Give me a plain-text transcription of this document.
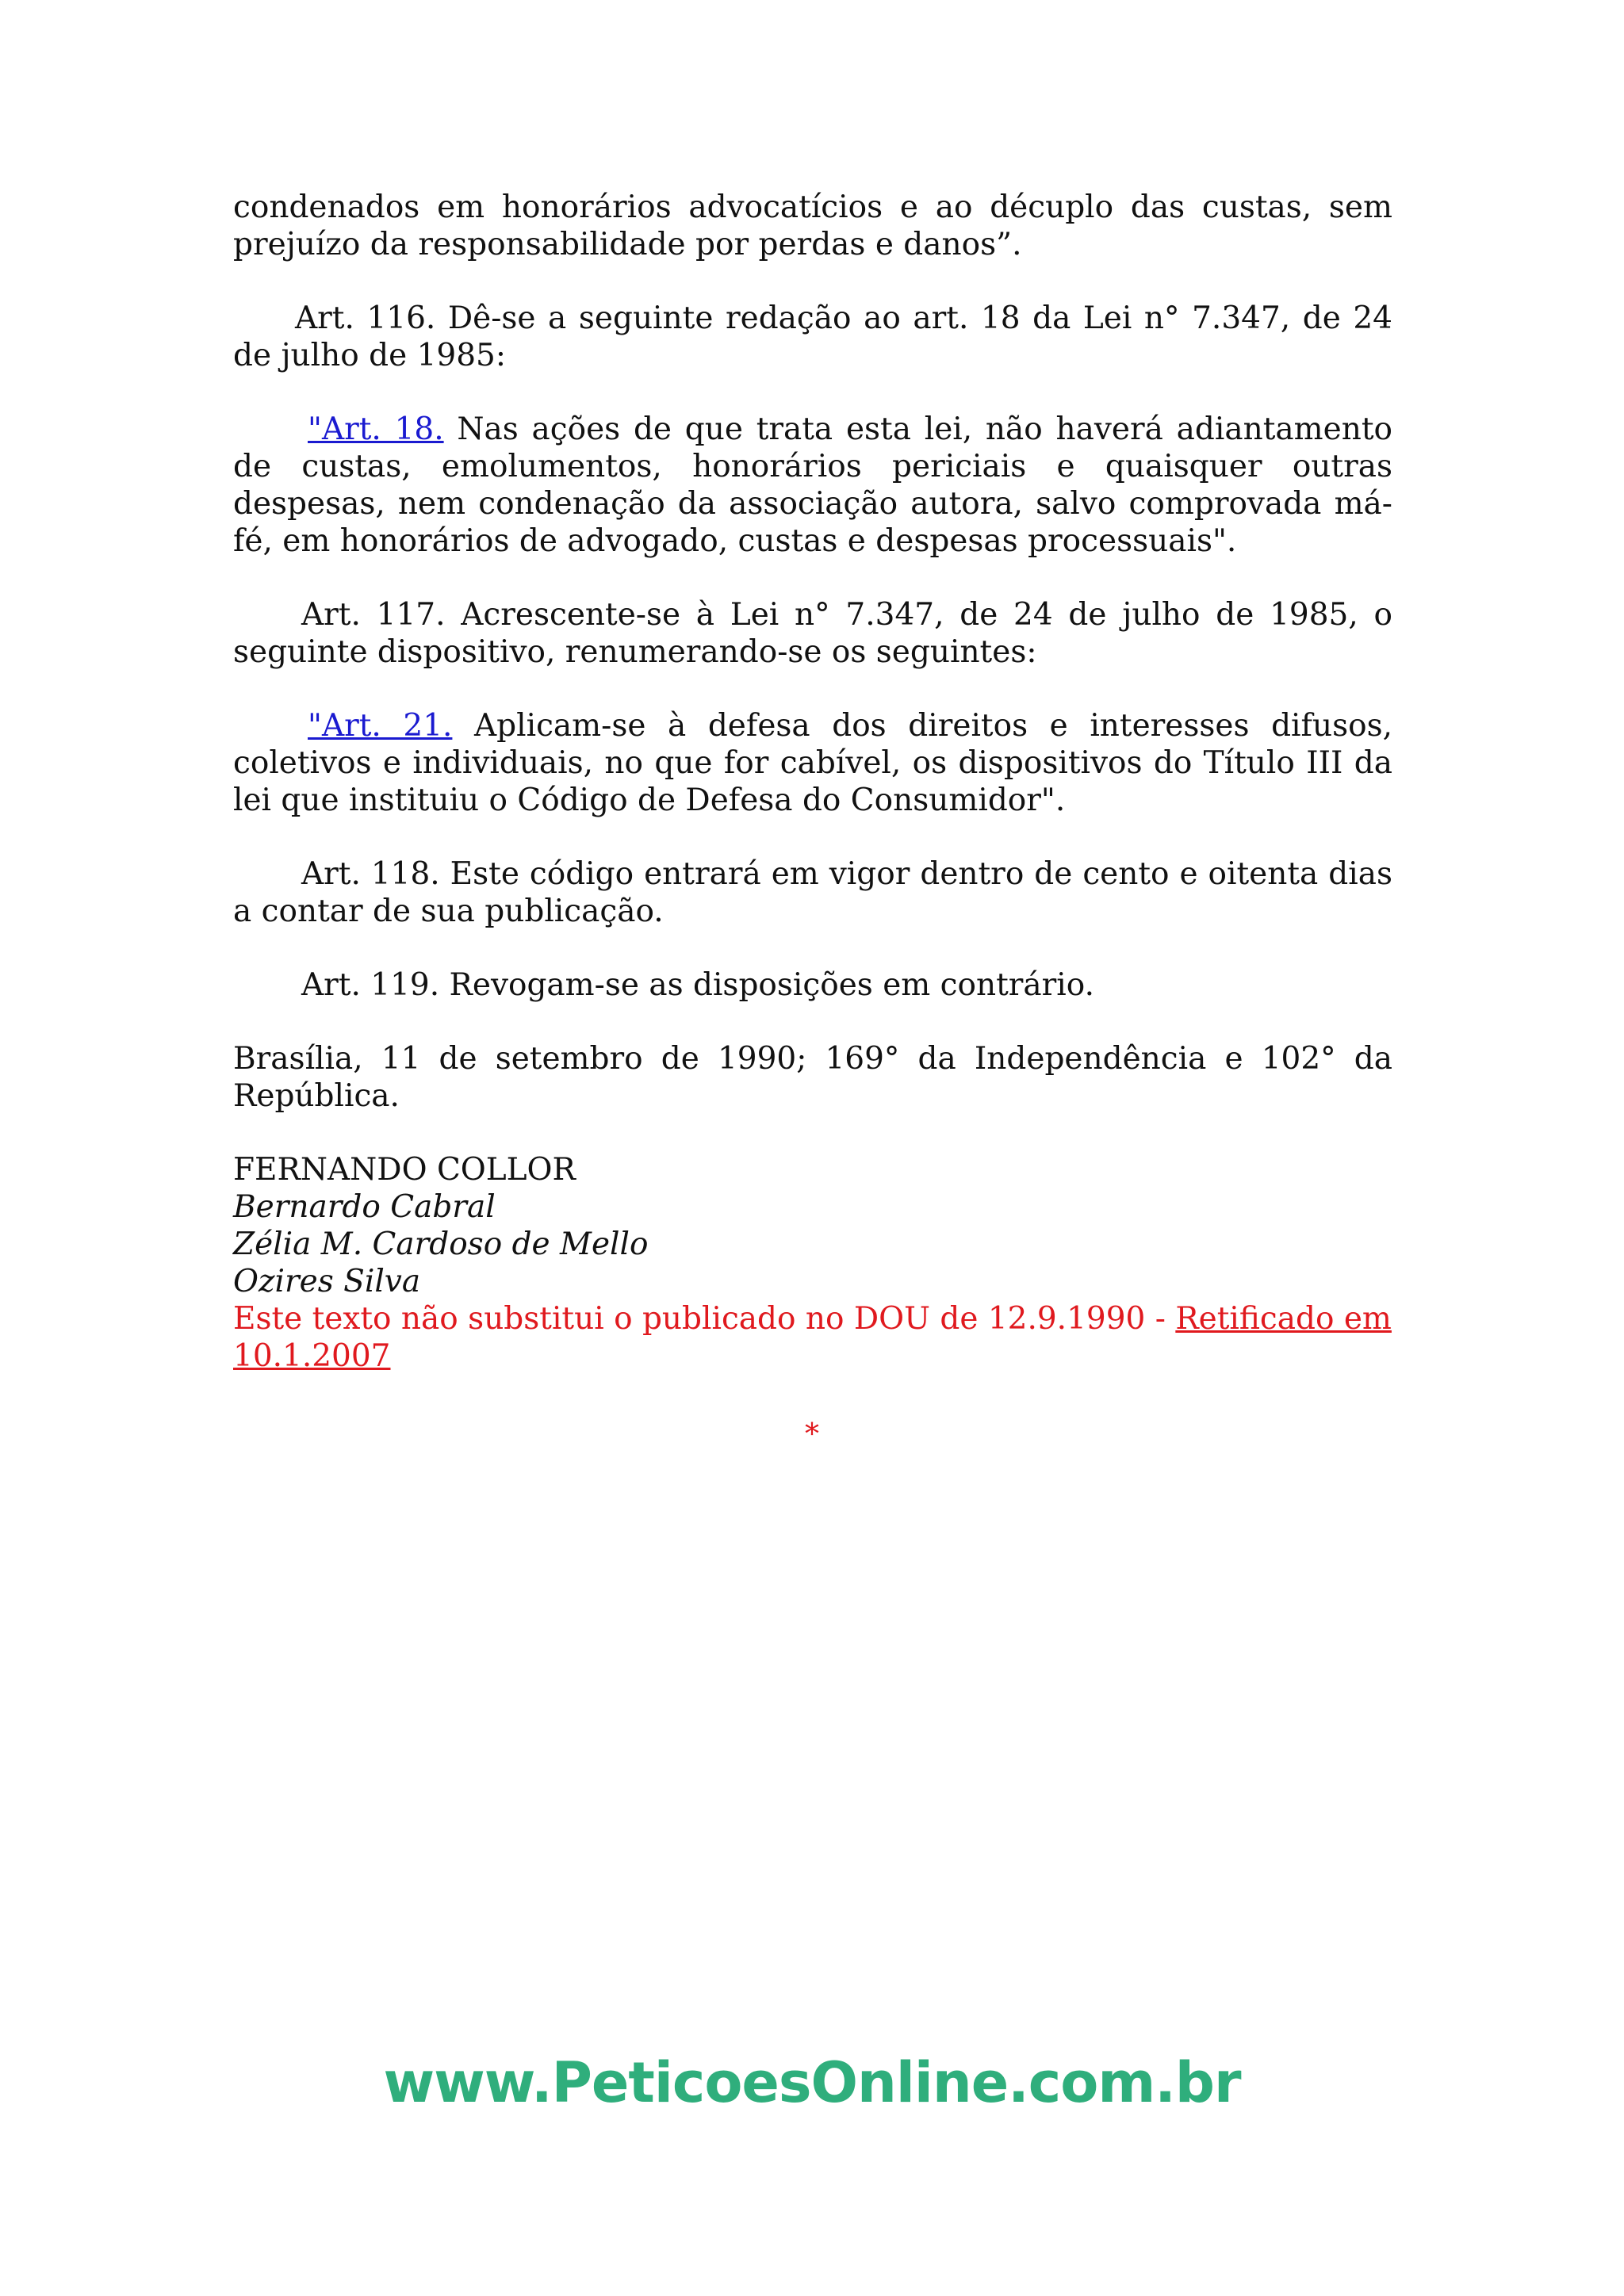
condenados em honorários advocatícios e ao décuplo das custas, sem prejuízo da responsabilidade por perdas e danos”.

Art. 116. Dê-se a seguinte redação ao art. 18 da Lei n° 7.347, de 24 de julho de 1985:

"Art. 18. Nas ações de que trata esta lei, não haverá adiantamento de custas, emolumentos, honorários periciais e quaisquer outras despesas, nem condenação da associação autora, salvo comprovada má-fé, em honorários de advogado, custas e despesas processuais".

Art. 117. Acrescente-se à Lei n° 7.347, de 24 de julho de 1985, o seguinte dispositivo, renumerando-se os seguintes:

"Art. 21. Aplicam-se à defesa dos direitos e interesses difusos, coletivos e individuais, no que for cabível, os dispositivos do Título III da lei que instituiu o Código de Defesa do Consumidor".

Art. 118. Este código entrará em vigor dentro de cento e oitenta dias a contar de sua publicação.

Art. 119. Revogam-se as disposições em contrário.

Brasília, 11 de setembro de 1990; 169° da Independência e 102° da República.

FERNANDO COLLOR

Bernardo Cabral

Zélia M. Cardoso de Mello

Ozires Silva

Este texto não substitui o publicado no DOU de 12.9.1990 - Retificado em 10.1.2007

*
www.PeticoesOnline.com.br
